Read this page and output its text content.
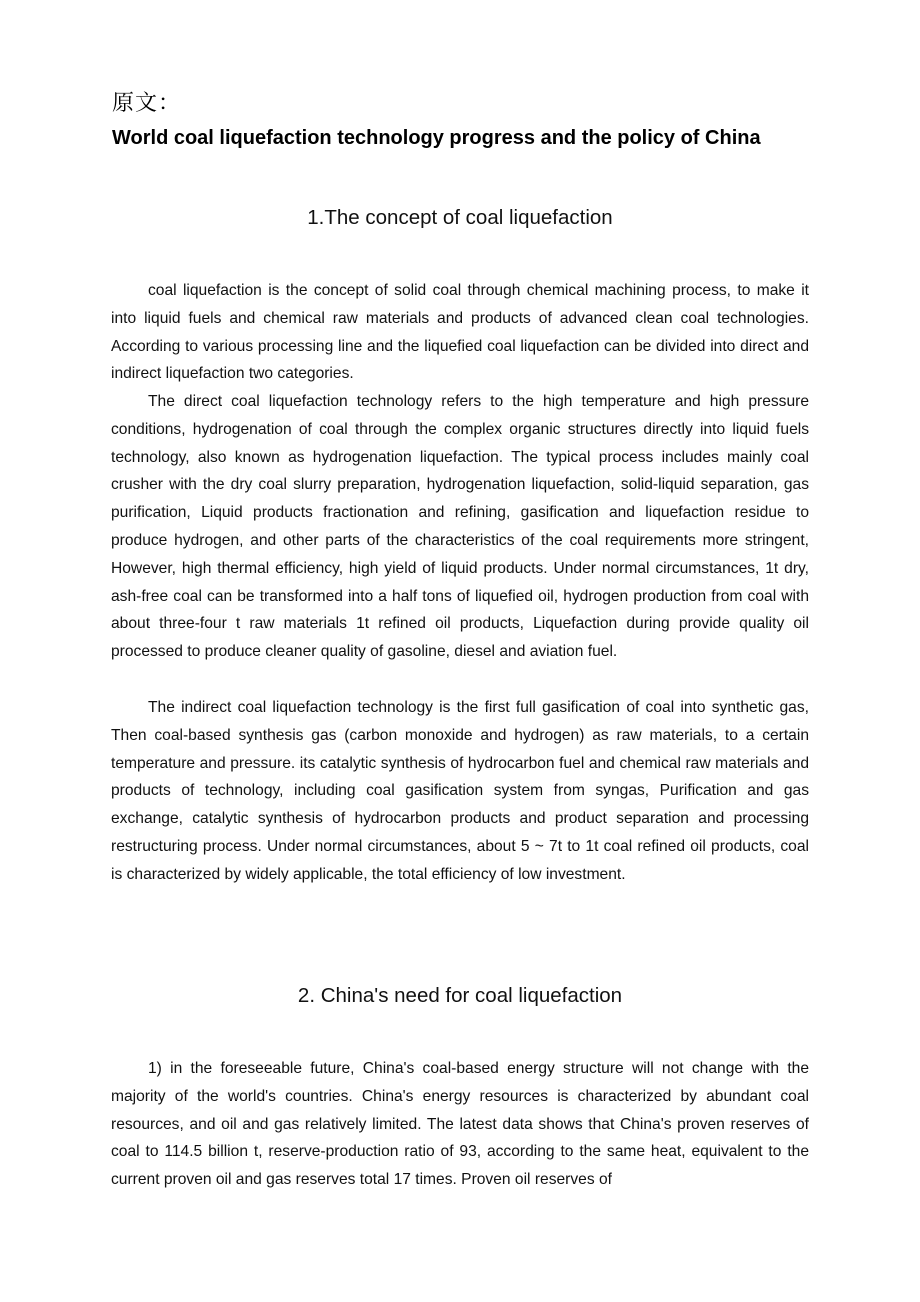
原文：
World coal liquefaction technology progress and the policy of China
1.The concept of coal liquefaction

coal liquefaction is the concept of solid coal through chemical machining process, to make it into liquid fuels and chemical raw materials and products of advanced clean coal technologies. According to various processing line and the liquefied coal liquefaction can be divided into direct and indirect liquefaction two categories.

The direct coal liquefaction technology refers to the high temperature and high pressure conditions, hydrogenation of coal through the complex organic structures directly into liquid fuels technology, also known as hydrogenation liquefaction. The typical process includes mainly coal crusher with the dry coal slurry preparation, hydrogenation liquefaction, solid-liquid separation, gas purification, Liquid products fractionation and refining, gasification and liquefaction residue to produce hydrogen, and other parts of the characteristics of the coal requirements more stringent, However, high thermal efficiency, high yield of liquid products. Under normal circumstances, 1t dry, ash-free coal can be transformed into a half tons of liquefied oil, hydrogen production from coal with about three-four t raw materials 1t refined oil products, Liquefaction during provide quality oil processed to produce cleaner quality of gasoline, diesel and aviation fuel.

The indirect coal liquefaction technology is the first full gasification of coal into synthetic gas, Then coal-based synthesis gas (carbon monoxide and hydrogen) as raw materials, to a certain temperature and pressure. its catalytic synthesis of hydrocarbon fuel and chemical raw materials and products of technology, including coal gasification system from syngas, Purification and gas exchange, catalytic synthesis of hydrocarbon products and product separation and processing restructuring process. Under normal circumstances, about 5 ~ 7t to 1t coal refined oil products, coal is characterized by widely applicable, the total efficiency of low investment.

2. China's need for coal liquefaction

1) in the foreseeable future, China's coal-based energy structure will not change with the majority of the world's countries. China's energy resources is characterized by abundant coal resources, and oil and gas relatively limited. The latest data shows that China's proven reserves of coal to 114.5 billion t, reserve-production ratio of 93, according to the same heat, equivalent to the current proven oil and gas reserves total 17 times. Proven oil reserves of
